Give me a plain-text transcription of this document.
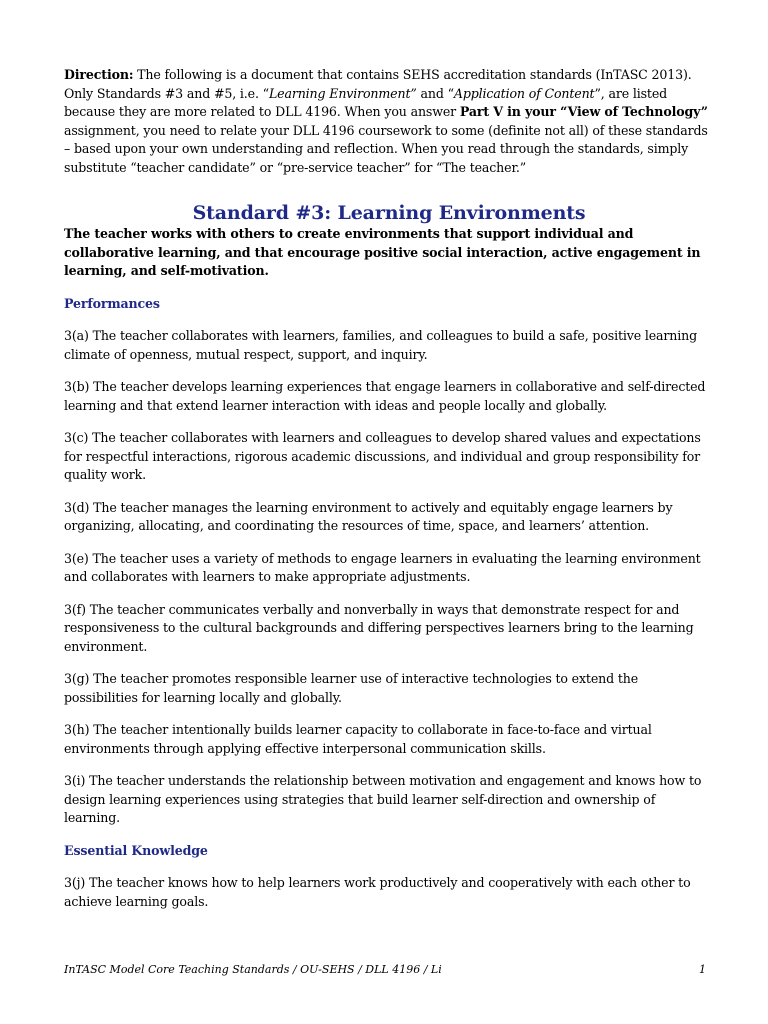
Direction: The following is a document that contains SEHS accreditation standards (InTASC 2013). Only Standards #3 and #5, i.e. “Learning Environment” and “Application of Content”, are listed because they are more related to DLL 4196. When you answer Part V in your “View of Technology” assignment, you need to relate your DLL 4196 coursework to some (definite not all) of these standards – based upon your own understanding and reflection. When you read through the standards, simply substitute “teacher candidate” or “pre-service teacher” for “The teacher.”

Standard #3: Learning Environments

The teacher works with others to create environments that support individual and collaborative learning, and that encourage positive social interaction, active engagement in learning, and self-motivation.

Performances

3(a) The teacher collaborates with learners, families, and colleagues to build a safe, positive learning climate of openness, mutual respect, support, and inquiry.

3(b) The teacher develops learning experiences that engage learners in collaborative and self-directed learning and that extend learner interaction with ideas and people locally and globally.

3(c) The teacher collaborates with learners and colleagues to develop shared values and expectations for respectful interactions, rigorous academic discussions, and individual and group responsibility for quality work.

3(d) The teacher manages the learning environment to actively and equitably engage learners by organizing, allocating, and coordinating the resources of time, space, and learners’ attention.

3(e) The teacher uses a variety of methods to engage learners in evaluating the learning environment and collaborates with learners to make appropriate adjustments.

3(f) The teacher communicates verbally and nonverbally in ways that demonstrate respect for and responsiveness to the cultural backgrounds and differing perspectives learners bring to the learning environment.

3(g) The teacher promotes responsible learner use of interactive technologies to extend the possibilities for learning locally and globally.

3(h) The teacher intentionally builds learner capacity to collaborate in face-to-face and virtual environments through applying effective interpersonal communication skills.

3(i) The teacher understands the relationship between motivation and engagement and knows how to design learning experiences using strategies that build learner self-direction and ownership of learning.

Essential Knowledge

3(j) The teacher knows how to help learners work productively and cooperatively with each other to achieve learning goals.

InTASC Model Core Teaching Standards / OU-SEHS / DLL 4196 / Li	1
